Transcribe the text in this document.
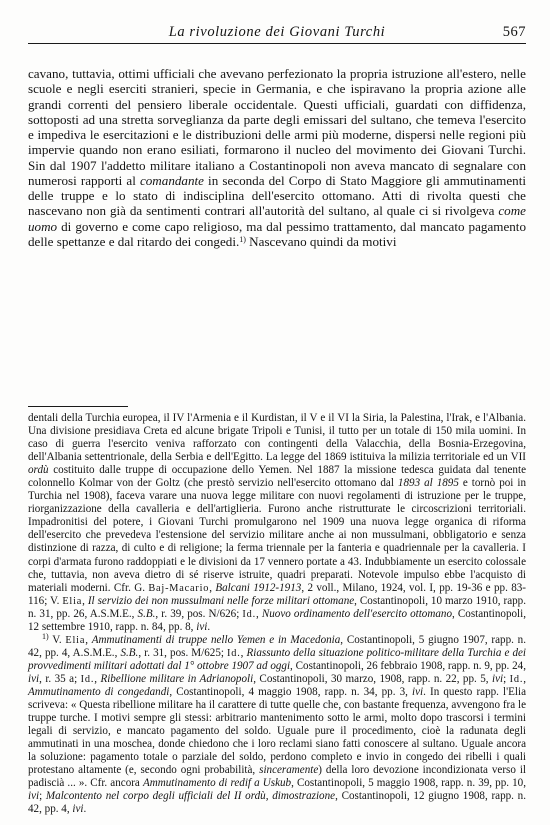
La rivoluzione dei Giovani Turchi	567

cavano, tuttavia, ottimi ufficiali che avevano perfezionato la propria istruzione all'estero, nelle scuole e negli eserciti stranieri, specie in Germania, e che ispiravano la propria azione alle grandi correnti del pensiero liberale occidentale. Questi ufficiali, guardati con diffidenza, sottoposti ad una stretta sorveglianza da parte degli emissari del sultano, che temeva l'esercito e impediva le esercitazioni e le distribuzioni delle armi più moderne, dispersi nelle regioni più impervie quando non erano esiliati, formarono il nucleo del movimento dei Giovani Turchi. Sin dal 1907 l'addetto militare italiano a Costantinopoli non aveva mancato di segnalare con numerosi rapporti al comandante in seconda del Corpo di Stato Maggiore gli ammutinamenti delle truppe e lo stato di indisciplina dell'esercito ottomano. Atti di rivolta questi che nascevano non già da sentimenti contrari all'autorità del sultano, al quale ci si rivolgeva come uomo di governo e come capo religioso, ma dal pessimo trattamento, dal mancato pagamento delle spettanze e dal ritardo dei congedi.$^{1)}$ Nascevano quindi da motivi

dentali della Turchia europea, il IV l'Armenia e il Kurdistan, il V e il VI la Siria, la Palestina, l'Irak, e l'Albania. Una divisione presidiava Creta ed alcune brigate Tripoli e Tunisi, il tutto per un totale di 150 mila uomini. In caso di guerra l'esercito veniva rafforzato con contingenti della Valacchia, della Bosnia-Erzegovina, dell'Albania settentrionale, della Serbia e dell'Egitto. La legge del 1869 istituiva la milizia territoriale ed un VII ordù costituito dalle truppe di occupazione dello Yemen. Nel 1887 la missione tedesca guidata dal tenente colonnello Kolmar von der Goltz (che prestò servizio nell'esercito ottomano dal 1893 al 1895 e tornò poi in Turchia nel 1908), faceva varare una nuova legge militare con nuovi regolamenti di istruzione per le truppe, riorganizzazione della cavalleria e dell'artiglieria. Furono anche ristrutturate le circoscrizioni territoriali. Impadronitisi del potere, i Giovani Turchi promulgarono nel 1909 una nuova legge organica di riforma dell'esercito che prevedeva l'estensione del servizio militare anche ai non mussulmani, obbligatorio e senza distinzione di razza, di culto e di religione; la ferma triennale per la fanteria e quadriennale per la cavalleria. I corpi d'armata furono raddoppiati e le divisioni da 17 vennero portate a 43. Indubbiamente un esercito colossale che, tuttavia, non aveva dietro di sé riserve istruite, quadri preparati. Notevole impulso ebbe l'acquisto di materiali moderni. Cfr. G. Baj-Macario, Balcani 1912-1913, 2 voll., Milano, 1924, vol. I, pp. 19-36 e pp. 83-116; V. Elia, Il servizio dei non mussulmani nelle forze militari ottomane, Costantinopoli, 10 marzo 1910, rapp. n. 31, pp. 26, A.S.M.E., S.B., r. 39, pos. N/626; Id., Nuovo ordinamento dell'esercito ottomano, Costantinopoli, 12 settembre 1910, rapp. n. 84, pp. 8, ivi.

$^{1)}$ V. Elia, Ammutinamenti di truppe nello Yemen e in Macedonia, Costantinopoli, 5 giugno 1907, rapp. n. 42, pp. 4, A.S.M.E., S.B., r. 31, pos. M/625; Id., Riassunto della situazione politico-militare della Turchia e dei provvedimenti militari adottati dal 1° ottobre 1907 ad oggi, Costantinopoli, 26 febbraio 1908, rapp. n. 9, pp. 24, ivi, r. 35 a; Id., Ribellione militare in Adrianopoli, Costantinopoli, 30 marzo, 1908, rapp. n. 22, pp. 5, ivi; Id., Ammutinamento di congedandi, Costantinopoli, 4 maggio 1908, rapp. n. 34, pp. 3, ivi. In questo rapp. l'Elia scriveva: « Questa ribellione militare ha il carattere di tutte quelle che, con bastante frequenza, avvengono fra le truppe turche. I motivi sempre gli stessi: arbitrario mantenimento sotto le armi, molto dopo trascorsi i termini legali di servizio, e mancato pagamento del soldo. Uguale pure il procedimento, cioè la radunata degli ammutinati in una moschea, donde chiedono che i loro reclami siano fatti conoscere al sultano. Uguale ancora la soluzione: pagamento totale o parziale del soldo, perdono completo e invio in congedo dei ribelli i quali protestano altamente (e, secondo ogni probabilità, sinceramente) della loro devozione incondizionata verso il padiscià ... ». Cfr. ancora Ammutinamento di redif a Uskub, Costantinopoli, 5 maggio 1908, rapp. n. 39, pp. 10, ivi; Malcontento nel corpo degli ufficiali del II ordù, dimostrazione, Costantinopoli, 12 giugno 1908, rapp. n. 42, pp. 4, ivi.
